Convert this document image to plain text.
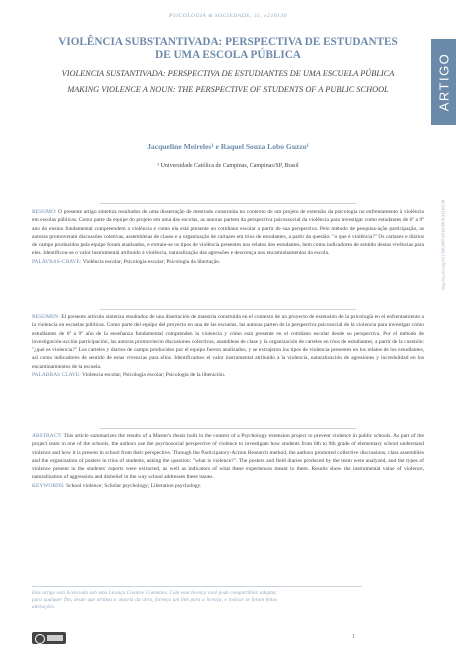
PSICOLOGIA & SOCIEDADE, 31, e216138
ARTIGO
http://dx.doi.org/10.1590/1807-0310/2019v31216138

VIOLÊNCIA SUBSTANTIVADA: PERSPECTIVA DE ESTUDANTES DE UMA ESCOLA PÚBLICA

VIOLENCIA SUSTANTIVADA: PERSPECTIVA DE ESTUDIANTES DE UMA ESCUELA PÚBLICA

MAKING VIOLENCE A NOUN: THE PERSPECTIVE OF STUDENTS OF A PUBLIC SCHOOL

Jacqueline Meireles¹ e Raquel Souza Lobo Guzzo¹
¹ Universidade Católica de Campinas, Campinas/SP, Brasil

RESUMO: O presente artigo sintetiza resultados de uma dissertação de mestrado construída no contexto de um projeto de extensão da psicologia no enfrentamento à violência em escolas públicas. Como parte da equipe do projeto em uma das escolas, as autoras partem da perspectiva psicossocial da violência para investigar como estudantes de 6º a 9º ano do ensino fundamental compreendem a violência e como ela está presente no cotidiano escolar a partir de sua perspectiva. Pelo método de pesquisa-ação participação, as autoras promoveram discussões coletivas, assembleias de classe e a organização de cartazes em trios de estudantes, a partir da questão: "o que é violência?" Os cartazes e diários de campo produzidos pela equipe foram analisados, e extraiu-se os tipos de violência presentes nos relatos dos estudantes, bem como indicadores de sentido destas vivências para eles. Identificou-se o valor instrumental atribuído à violência, naturalização das agressões e descrença nos encaminhamentos da escola.

PALAVRAS-CHAVE: Violência escolar; Psicologia escolar; Psicologia da libertação.

RESUMEN: El presente artículo sintetiza resultados de una disertación de maestría construida en el contexto de un proyecto de extensión de la psicología en el enfrentamiento a la violencia en escuelas públicas. Como parte del equipo del proyecto en una de las escuelas, las autoras parten de la perspectiva psicosocial de la violencia para investigar cómo estudiantes de 6º a 9º año de la enseñanza fundamental comprenden la violencia y cómo está presente en el cotidiano escolar desde su perspectiva. Por el método de investigación-acción participación, las autoras promovieron discusiones colectivas, asambleas de clase y la organización de carteles en tríos de estudiantes, a partir de la cuestión: "¿qué es violencia?" Los carteles y diarios de campo producidos por el equipo fueron analizados, y se extrajeron los tipos de violencia presentes en los relatos de los estudiantes, así como indicadores de sentido de estas vivencias para ellos. Identificamos el valor instrumental atribuido a la violencia, naturalización de agresiones y incredulidad en los encaminamientos de la escuela.

PALABRAS CLAVE: Violencia escolar; Psicología escolar; Psicología de la liberación.

ABSTRACT: This article summarizes the results of a Master's thesis built in the context of a Psychology extension project to prevent violence in public schools. As part of the project team in one of the schools, the authors use the psychosocial perspective of violence to investigate how students from 6th to 9th grade of elementary school understand violence and how it is present in school from their perspective. Through the Participatory-Action Research method, the authors promoted collective discussions, class assemblies and the organization of posters in trios of students, asking the question: "what is violence?". The posters and field diaries produced by the team were analyzed, and the types of violence present in the students' reports were extracted, as well as indicators of what these experiences meant to them. Results show the instrumental value of violence, naturalization of aggression and disbelief in the way school addresses these issues.

KEYWORDS: School violence; Scholar psychology; Liberation psychology.

Este artigo está licenciado sob uma Licença Creative Commons. Com essa licença você pode compartilhar, adaptar, para qualquer fim, desde que atribua a autoria da obra, forneça um link para a licença, e indicar se foram feitas alterações.
1
